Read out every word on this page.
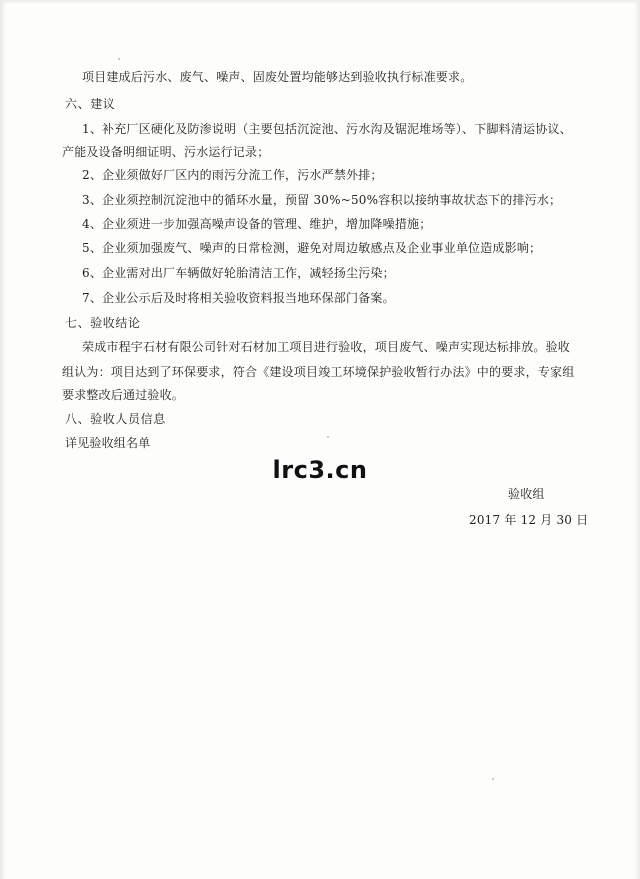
项目建成后污水、废气、噪声、固废处置均能够达到验收执行标准要求。
六、建议
1、补充厂区硬化及防渗说明（主要包括沉淀池、污水沟及锯泥堆场等）、下脚料清运协议、
产能及设备明细证明、污水运行记录；
2、企业须做好厂区内的雨污分流工作，污水严禁外排；
3、企业须控制沉淀池中的循环水量，预留 30%~50%容积以接纳事故状态下的排污水；
4、企业须进一步加强高噪声设备的管理、维护，增加降噪措施；
5、企业须加强废气、噪声的日常检测，避免对周边敏感点及企业事业单位造成影响；
6、企业需对出厂车辆做好轮胎清洁工作，减轻扬尘污染；
7、企业公示后及时将相关验收资料报当地环保部门备案。
七、验收结论
荣成市程宇石材有限公司针对石材加工项目进行验收，项目废气、噪声实现达标排放。验收
组认为：项目达到了环保要求，符合《建设项目竣工环境保护验收暂行办法》中的要求，专家组
要求整改后通过验收。
八、验收人员信息
详见验收组名单
lrc3.cn
验收组
2017 年 12 月 30 日
